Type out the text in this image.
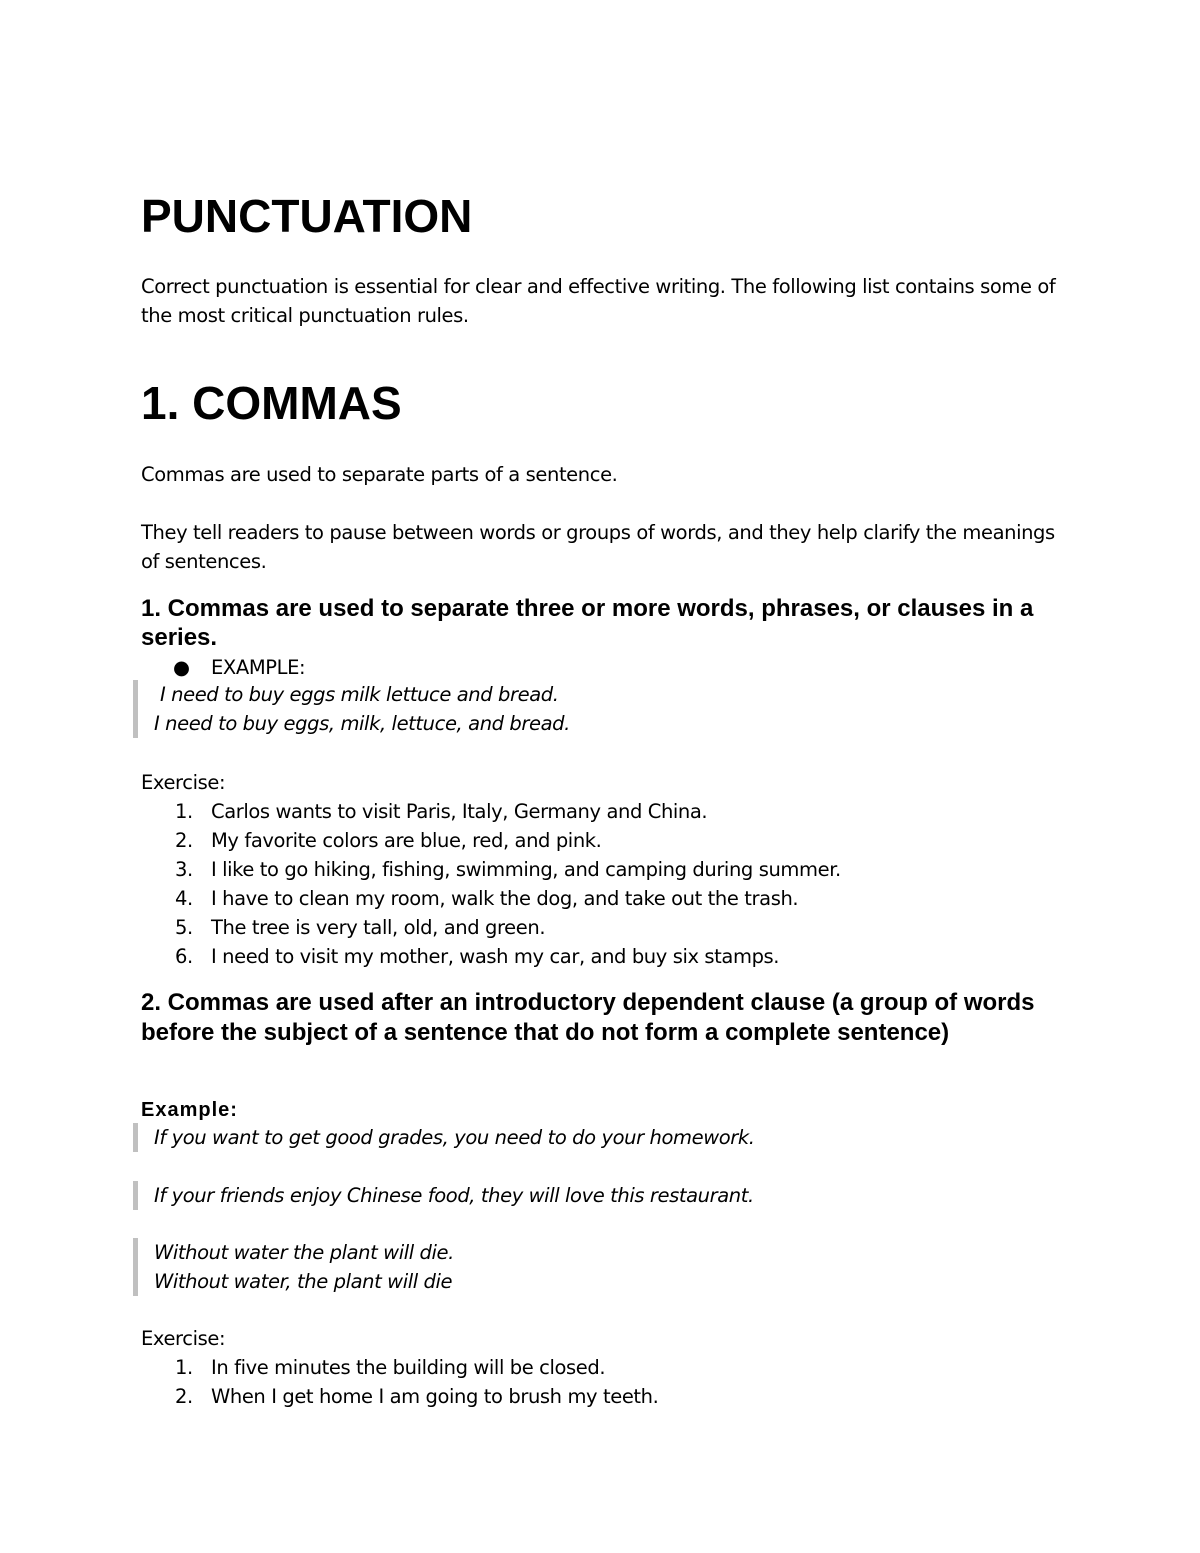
PUNCTUATION

Correct punctuation is essential for clear and effective writing. The following list contains some of the most critical punctuation rules.

1. COMMAS

Commas are used to separate parts of a sentence.

They tell readers to pause between words or groups of words, and they help clarify the meanings of sentences.

1. Commas are used to separate three or more words, phrases, or clauses in a series.
● EXAMPLE:
I need to buy eggs milk lettuce and bread.
I need to buy eggs, milk, lettuce, and bread.

Exercise:

1. Carlos wants to visit Paris, Italy, Germany and China.
2. My favorite colors are blue, red, and pink.
3. I like to go hiking, fishing, swimming, and camping during summer.
4. I have to clean my room, walk the dog, and take out the trash.
5. The tree is very tall, old, and green.
6. I need to visit my mother, wash my car, and buy six stamps.
2. Commas are used after an introductory dependent clause (a group of words before the subject of a sentence that do not form a complete sentence)

Example:

If you want to get good grades, you need to do your homework.
If your friends enjoy Chinese food, they will love this restaurant.
Without water the plant will die.
Without water, the plant will die

Exercise:

1. In five minutes the building will be closed.
2. When I get home I am going to brush my teeth.
